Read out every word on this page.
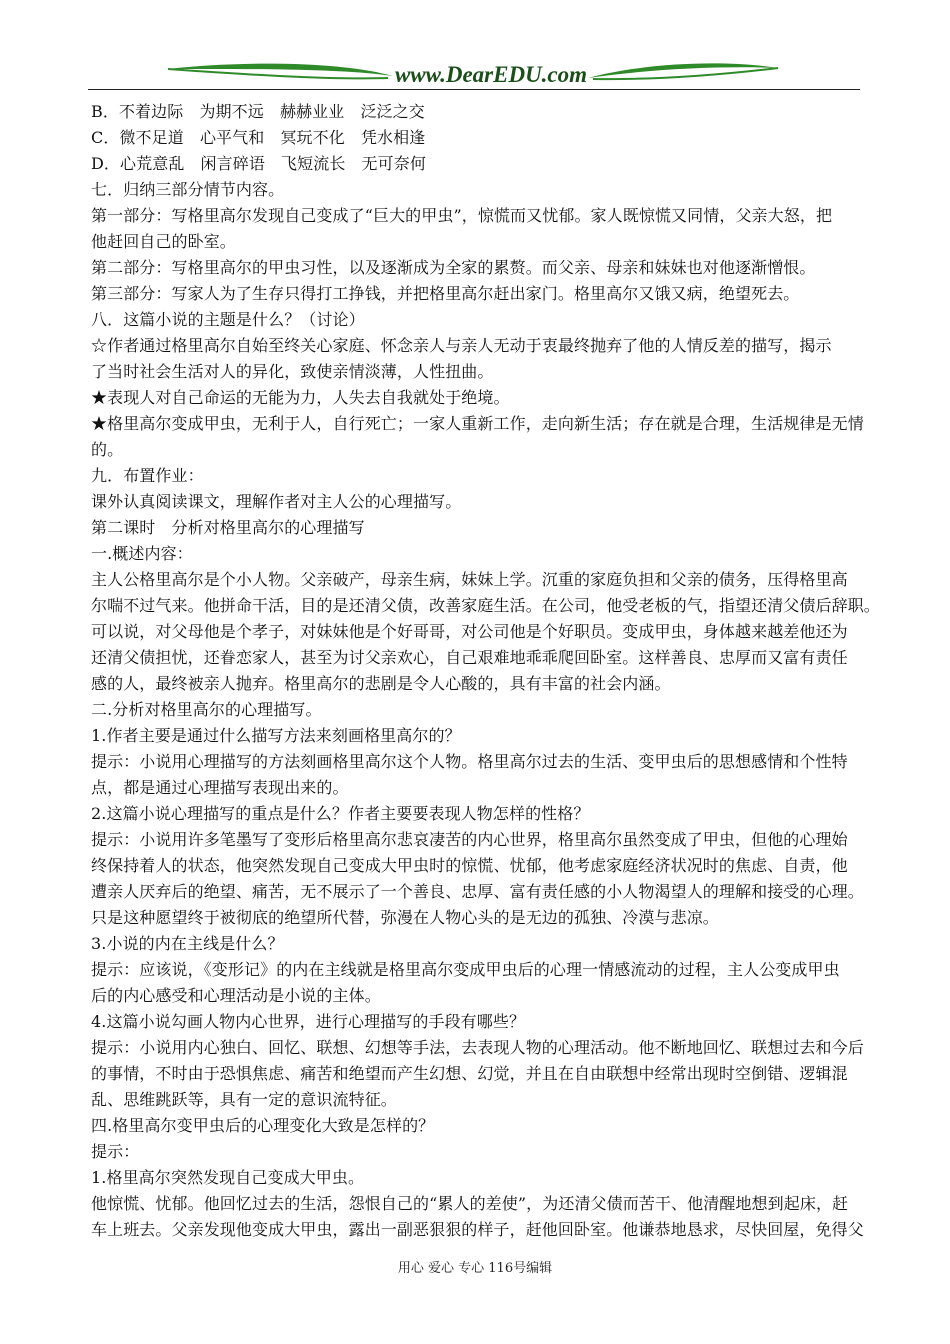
www.DearEDU.com

B．不着边际　为期不远　赫赫业业　泛泛之交

C．微不足道　心平气和　冥玩不化　凭水相逢

D．心荒意乱　闲言碎语　飞短流长　无可奈何

七．归纳三部分情节内容。

第一部分：写格里高尔发现自己变成了“巨大的甲虫”，惊慌而又忧郁。家人既惊慌又同情，父亲大怒，把

他赶回自己的卧室。

第二部分：写格里高尔的甲虫习性，以及逐渐成为全家的累赘。而父亲、母亲和妹妹也对他逐渐憎恨。

第三部分：写家人为了生存只得打工挣钱，并把格里高尔赶出家门。格里高尔又饿又病，绝望死去。

八．这篇小说的主题是什么？（讨论）

☆作者通过格里高尔自始至终关心家庭、怀念亲人与亲人无动于衷最终抛弃了他的人情反差的描写，揭示

了当时社会生活对人的异化，致使亲情淡薄，人性扭曲。

★表现人对自己命运的无能为力，人失去自我就处于绝境。

★格里高尔变成甲虫，无利于人，自行死亡；一家人重新工作，走向新生活；存在就是合理，生活规律是无情

的。

九．布置作业：

课外认真阅读课文，理解作者对主人公的心理描写。

第二课时　分析对格里高尔的心理描写

一.概述内容：

主人公格里高尔是个小人物。父亲破产，母亲生病，妹妹上学。沉重的家庭负担和父亲的债务，压得格里高

尔喘不过气来。他拼命干活，目的是还清父债，改善家庭生活。在公司，他受老板的气，指望还清父债后辞职。

可以说，对父母他是个孝子，对妹妹他是个好哥哥，对公司他是个好职员。变成甲虫，身体越来越差他还为

还清父债担忧，还眷恋家人，甚至为讨父亲欢心，自己艰难地乖乖爬回卧室。这样善良、忠厚而又富有责任

感的人，最终被亲人抛弃。格里高尔的悲剧是令人心酸的，具有丰富的社会内涵。

二.分析对格里高尔的心理描写。

1.作者主要是通过什么描写方法来刻画格里高尔的？

提示：小说用心理描写的方法刻画格里高尔这个人物。格里高尔过去的生活、变甲虫后的思想感情和个性特

点，都是通过心理描写表现出来的。

2.这篇小说心理描写的重点是什么？作者主要要表现人物怎样的性格？

提示：小说用许多笔墨写了变形后格里高尔悲哀凄苦的内心世界，格里高尔虽然变成了甲虫，但他的心理始

终保持着人的状态，他突然发现自己变成大甲虫时的惊慌、忧郁，他考虑家庭经济状况时的焦虑、自责，他

遭亲人厌弃后的绝望、痛苦，无不展示了一个善良、忠厚、富有责任感的小人物渴望人的理解和接受的心理。

只是这种愿望终于被彻底的绝望所代替，弥漫在人物心头的是无边的孤独、冷漠与悲凉。

3.小说的内在主线是什么？

提示：应该说，《变形记》的内在主线就是格里高尔变成甲虫后的心理一情感流动的过程，主人公变成甲虫

后的内心感受和心理活动是小说的主体。

4.这篇小说勾画人物内心世界，进行心理描写的手段有哪些？

提示：小说用内心独白、回忆、联想、幻想等手法，去表现人物的心理活动。他不断地回忆、联想过去和今后

的事情，不时由于恐惧焦虑、痛苦和绝望而产生幻想、幻觉，并且在自由联想中经常出现时空倒错、逻辑混

乱、思维跳跃等，具有一定的意识流特征。

四.格里高尔变甲虫后的心理变化大致是怎样的？

提示：

1.格里高尔突然发现自己变成大甲虫。

他惊慌、忧郁。他回忆过去的生活，怨恨自己的“累人的差使”，为还清父债而苦干、他清醒地想到起床，赶

车上班去。父亲发现他变成大甲虫，露出一副恶狠狠的样子，赶他回卧室。他谦恭地恳求，尽快回屋，免得父

用心 爱心 专心 116号编辑
